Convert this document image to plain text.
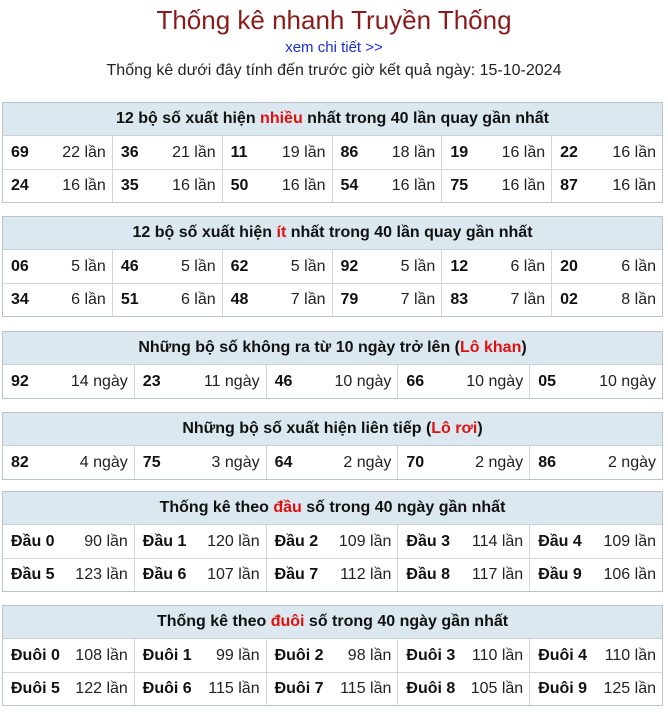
Thống kê nhanh Truyền Thống
xem chi tiết >>
Thống kê dưới đây tính đến trước giờ kết quả ngày: 15-10-2024
12 bộ số xuất hiện nhiều nhất trong 40 lần quay gần nhất
69 22 lần 36 21 lần 11 19 lần 86 18 lần 19 16 lần 22 16 lần
24 16 lần 35 16 lần 50 16 lần 54 16 lần 75 16 lần 87 16 lần
12 bộ số xuất hiện ít nhất trong 40 lần quay gần nhất
06	5 lần 46	5 lần 62	5 lần 92	5 lần 12	6 lần 20	6 lần
34	6 lần 51	6 lần 48	7 lần 79	7 lần 83	7 lần 02	8 lần
Những bộ số không ra từ 10 ngày trở lên (Lô khan)
92	14 ngày 23	11 ngày 46	10 ngày 66	10 ngày 05	10 ngày
Những bộ số xuất hiện liên tiếp (Lô rơi)
82	4 ngày 75	3 ngày 64	2 ngày 70	2 ngày 86	2 ngày
Thống kê theo đầu số trong 40 ngày gần nhất
Đầu 0 90 lần Đầu 1 120 lần Đầu 2 109 lần Đầu 3 114 lần Đầu 4 109 lần
Đầu 5 123 lần Đầu 6 107 lần Đầu 7 112 lần Đầu 8 117 lần Đầu 9 106 lần
Thống kê theo đuôi số trong 40 ngày gần nhất
Đuôi 0 108 lần Đuôi 1 99 lần Đuôi 2 98 lần Đuôi 3 110 lần Đuôi 4 110 lần
Đuôi 5 122 lần Đuôi 6 115 lần Đuôi 7 115 lần Đuôi 8 105 lần Đuôi 9 125 lần
